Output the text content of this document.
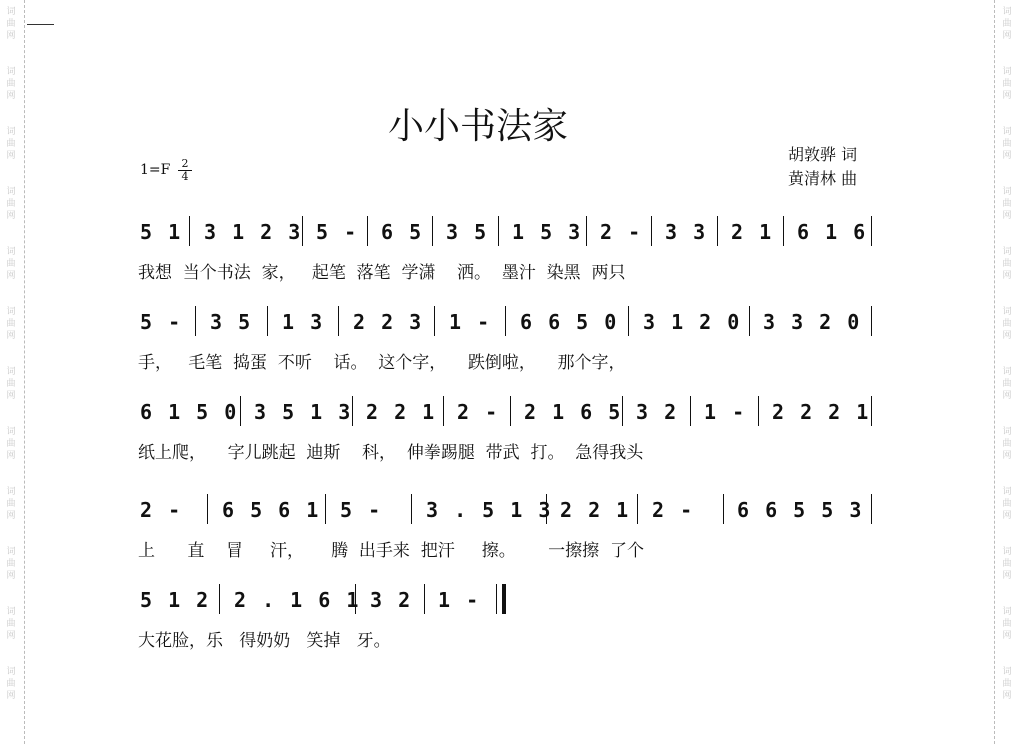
词
曲
网
词
曲
网
词
曲
网
词
曲
网
词
曲
网
词
曲
网
词
曲
网
词
曲
网
词
曲
网
词
曲
网
词
曲
网
词
曲
网
词
曲
网
词
曲
网
词
曲
网
词
曲
网
词
曲
网
词
曲
网
词
曲
网
词
曲
网
词
曲
网
词
曲
网
词
曲
网
词
曲
网
小小书法家
胡敦骅 词
黄清林 曲
$1=F \frac{2}{4}$
5 1 3 1 2 3 5 - 6 5 3 5 1 5 3 2 - 3 3 2 1 6 1 6
我想  当个书法  家，   起笔  落笔  学潇    洒。  墨汁  染黑  两只
5 - 3 5 1 3 2 2 3 1 - 6 6 5 0 3 1 2 0 3 3 2 0
手，   毛笔  捣蛋  不听    话。  这个字，    跌倒啦，    那个字，
6 1 5 0 3 5 1 3 2 2 1 2 - 2 1 6 5 3 2 1 - 2 2 2 1
纸上爬，    字儿跳起  迪斯    科，  伸拳踢腿  带武  打。  急得我头
2 - 6 5 6 1 5 - 3 . 5 1 3 2 2 1 2 - 6 6 5 5 3
上      直    冒     汗，     腾  出手来  把汗     擦。      一擦擦  了个
5 1 2 2 . 1 6 1 3 2 1 -
大花脸，乐   得奶奶   笑掉   牙。
